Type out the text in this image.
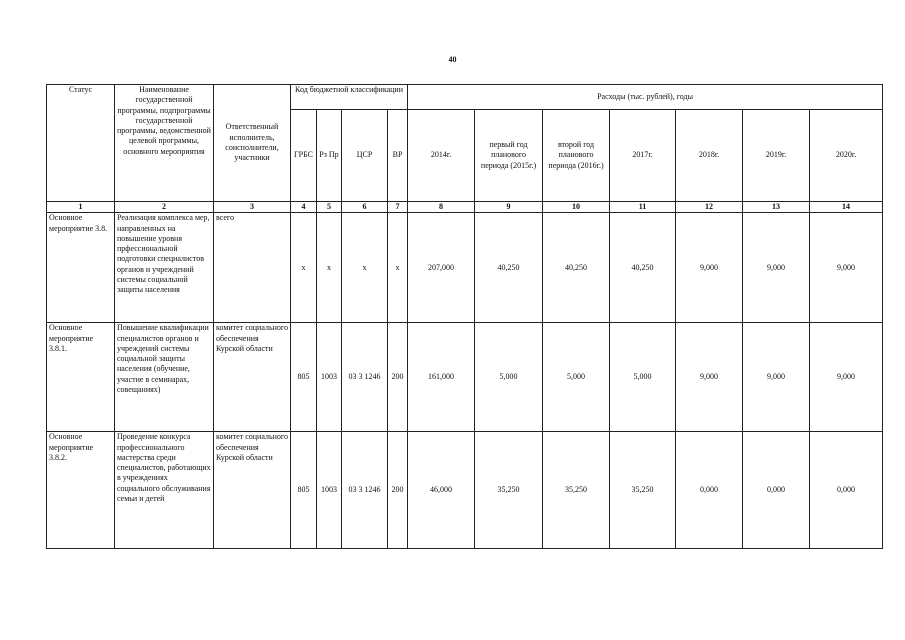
40
Статус	Наименование государственной программы, подпрограммы государственной программы, ведомственной целевой программы, основного мероприятия	Ответственный исполнитель, соисполнители, участники	Код бюджетной классификации				Расходы (тыс. рублей), годы						
			ГРБС	Рз Пр	ЦСР	ВР	2014г.	первый год планового периода (2015г.)	второй год планового периода (2016г.)	2017г.	2018г.	2019г.	2020г.
1	2	3	4	5	6	7	8	9	10	11	12	13	14
Основное мероприятие 3.8.	Реализация комплекса мер, направленных на повышение уровня прфессиональной подготовки специалистов органов и учреждений системы социальной защиты населения	всего	х	х	х	х	207,000	40,250	40,250	40,250	9,000	9,000	9,000
Основное мероприятие 3.8.1.	Повышение квалификации специалистов органов и учреждений системы социальной защиты населения (обучение, участие в семинарах, совещаниях)	комитет социального обеспечения Курской области	805	1003	03 3 1246	200	161,000	5,000	5,000	5,000	9,000	9,000	9,000
Основное мероприятие 3.8.2.	Проведение конкурса профессионального мастерства среди специалистов, работающих в учреждениях социального обслуживания семьи и детей	комитет социального обеспечения Курской области	805	1003	03 3 1246	200	46,000	35,250	35,250	35,250	0,000	0,000	0,000
